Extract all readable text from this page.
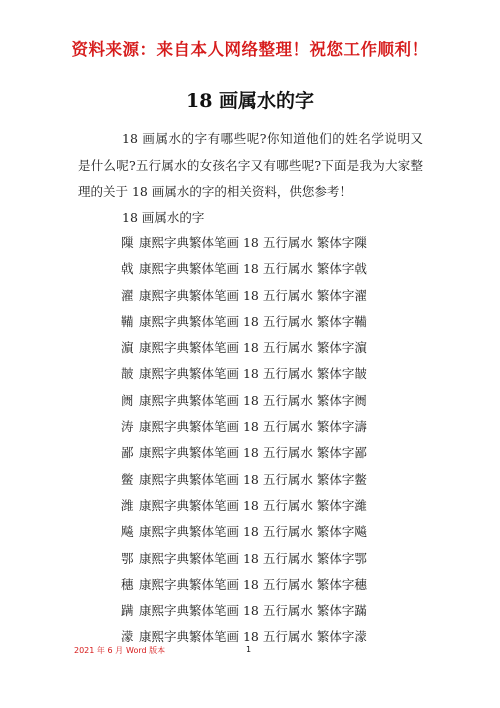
资料来源：来自本人网络整理！祝您工作顺利！
18 画属水的字
18 画属水的字有哪些呢?你知道他们的姓名学说明又是什么呢?五行属水的女孩名字又有哪些呢?下面是我为大家整理的关于 18 画属水的字的相关资料，供您参考！
18 画属水的字
隟 康熙字典繁体笔画 18 五行属水 繁体字隟
㦸 康熙字典繁体笔画 18 五行属水 繁体字㦸
濯 康熙字典繁体笔画 18 五行属水 繁体字濯
鞴 康熙字典繁体笔画 18 五行属水 繁体字鞴
濵 康熙字典繁体笔画 18 五行属水 繁体字濵
皵 康熙字典繁体笔画 18 五行属水 繁体字皵
阓 康熙字典繁体笔画 18 五行属水 繁体字阓
涛 康熙字典繁体笔画 18 五行属水 繁体字濤
鄙 康熙字典繁体笔画 18 五行属水 繁体字鄙
鳖 康熙字典繁体笔画 18 五行属水 繁体字鳖
潍 康熙字典繁体笔画 18 五行属水 繁体字濰
飚 康熙字典繁体笔画 18 五行属水 繁体字飚
鄂 康熙字典繁体笔画 18 五行属水 繁体字鄂
穗 康熙字典繁体笔画 18 五行属水 繁体字穗
蹒 康熙字典繁体笔画 18 五行属水 繁体字蹣
濛 康熙字典繁体笔画 18 五行属水 繁体字濛
2021 年 6 月 Word 版本	1
